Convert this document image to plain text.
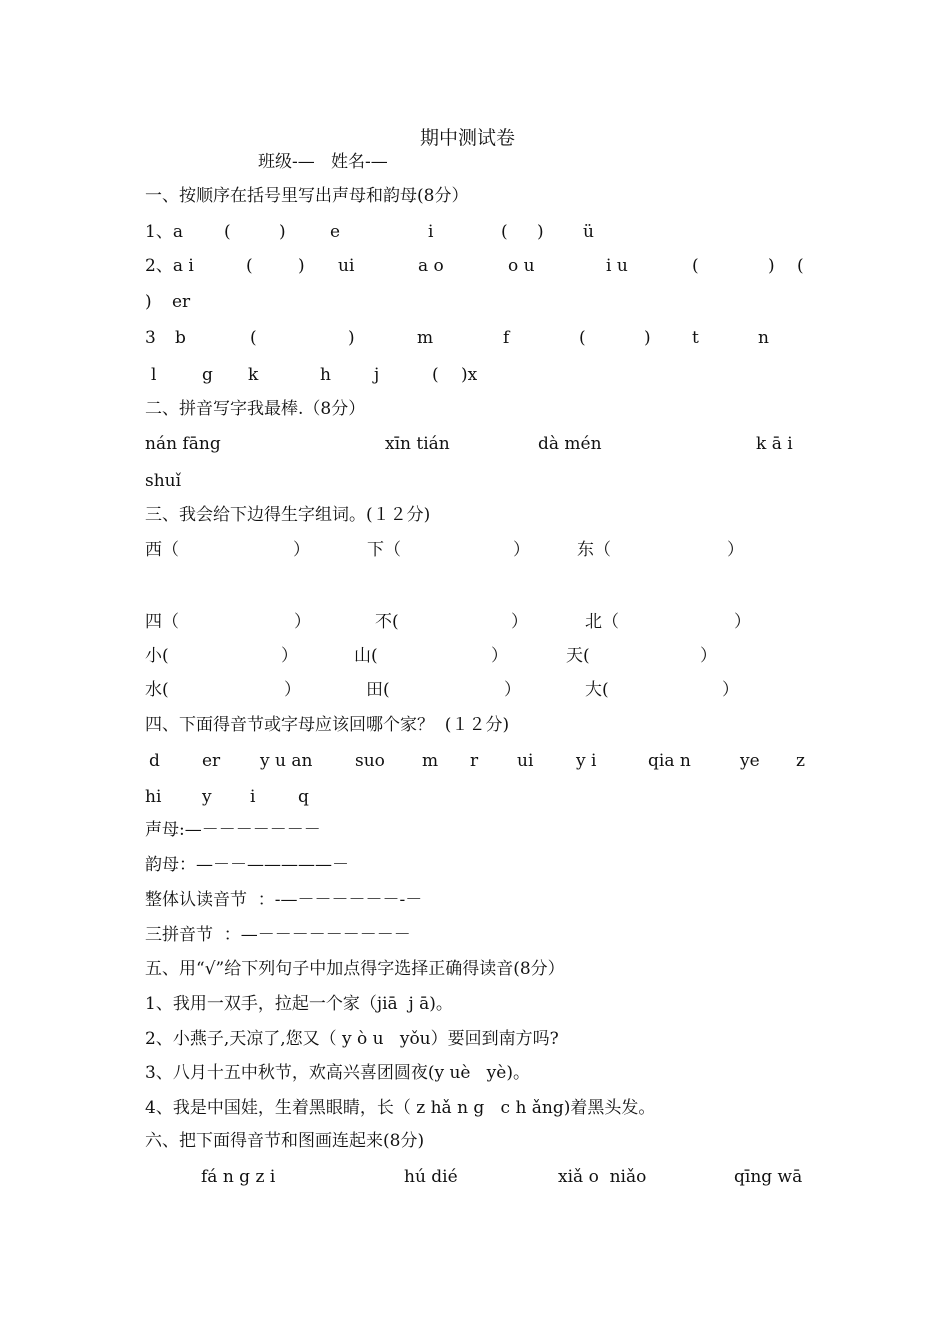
期中测试卷
班级-—   姓名-—
一、按顺序在括号里写出声母和韵母(8分）
1、a (	)	e	i	( ) ü
2、a i	(	) ui	a o	o u	i u	(	) (
) er
3 b	(	)	m	f	(	) t	n
l	g k	h	j	( )x
二、拼音写字我最棒.（8分）
nán fāng	xīn tián	dà mén	k ā i
shuǐ
三、我会给下边得生字组词。(１２分)
西（	）	下（	）	东（	）
四（	）	不(	）	北（	）
小(	）	山(	）	天(	）
水(	）	田(	）	大(	）
四、下面得音节或字母应该回哪个家？  (１２分)
d er y u an	suo m r ui	y i	qia n	ye z
hi y i	q
声母:—－－－－－－－
韵母：—－－—————－
整体认读音节  ：-—－－－－－－-－
三拼音节  ：—－－－－－－－－－
五、用“√”给下列句子中加点得字选择正确得读音(8分）
1、我用一双手，拉起一个家（jiā  j ā)。
2、小燕子,天凉了,您又（ y ò u   yǒu）要回到南方吗?
3、八月十五中秋节，欢高兴喜团圆夜(y uè   yè)。
4、我是中国娃，生着黑眼睛，长（ z hǎ n g   c h ǎng)着黑头发。
六、把下面得音节和图画连起来(8分)
fá n g z i	hú dié	xiǎ o  niǎo	qīng wā
